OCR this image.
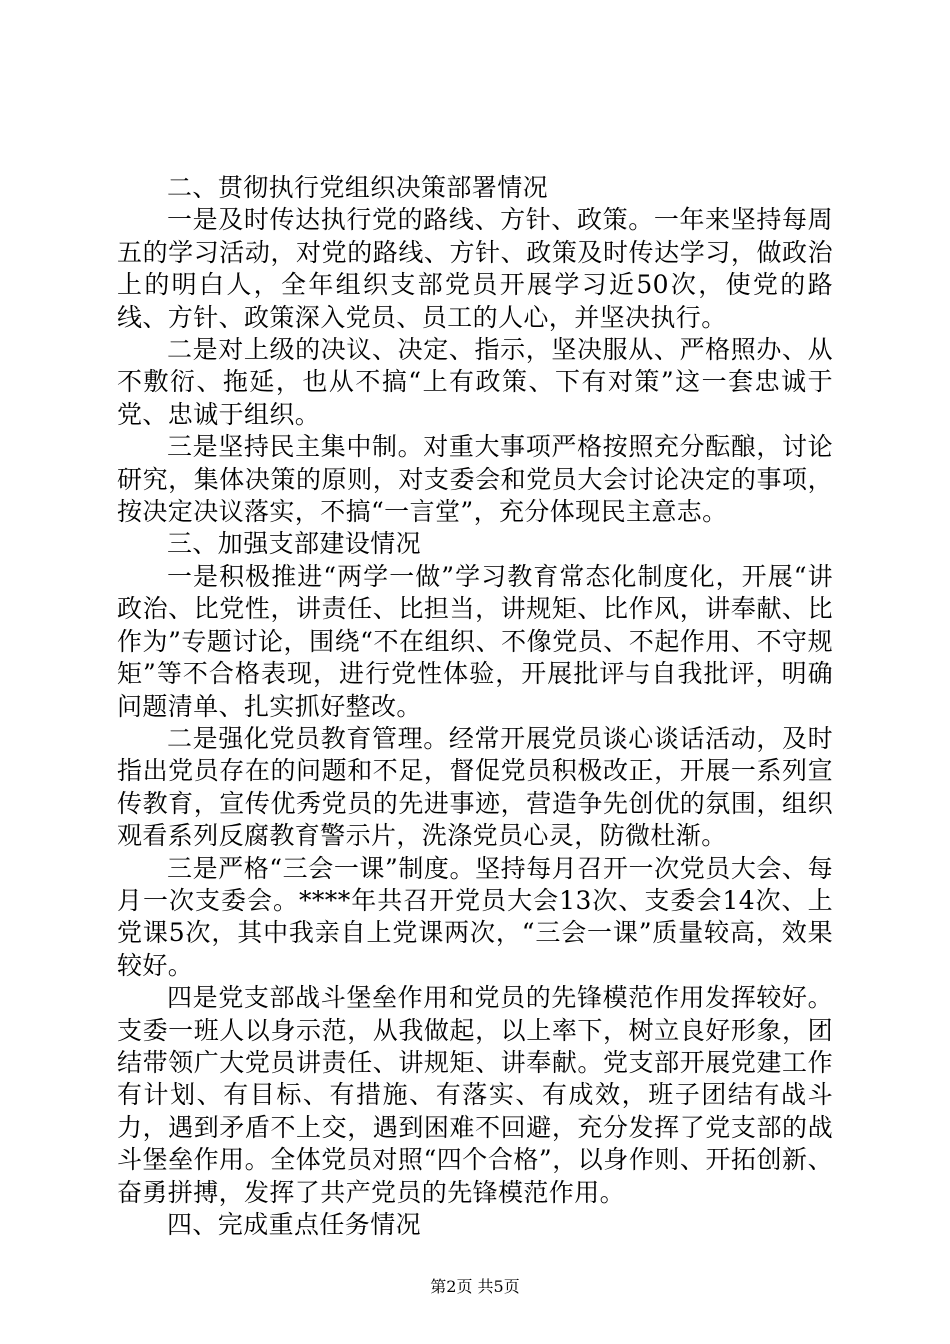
二、贯彻执行党组织决策部署情况

一是及时传达执行党的路线、方针、政策。一年来坚持每周五的学习活动，对党的路线、方针、政策及时传达学习，做政治上的明白人，全年组织支部党员开展学习近50次，使党的路线、方针、政策深入党员、员工的人心，并坚决执行。

二是对上级的决议、决定、指示，坚决服从、严格照办、从不敷衍、拖延，也从不搞“上有政策、下有对策”这一套忠诚于党、忠诚于组织。

三是坚持民主集中制。对重大事项严格按照充分酝酿，讨论研究，集体决策的原则，对支委会和党员大会讨论决定的事项，按决定决议落实，不搞“一言堂”，充分体现民主意志。

三、加强支部建设情况

一是积极推进“两学一做”学习教育常态化制度化，开展“讲政治、比党性，讲责任、比担当，讲规矩、比作风，讲奉献、比作为”专题讨论，围绕“不在组织、不像党员、不起作用、不守规矩”等不合格表现，进行党性体验，开展批评与自我批评，明确问题清单、扎实抓好整改。

二是强化党员教育管理。经常开展党员谈心谈话活动，及时指出党员存在的问题和不足，督促党员积极改正，开展一系列宣传教育，宣传优秀党员的先进事迹，营造争先创优的氛围，组织观看系列反腐教育警示片，洗涤党员心灵，防微杜渐。

三是严格“三会一课”制度。坚持每月召开一次党员大会、每月一次支委会。****年共召开党员大会13次、支委会14次、上党课5次，其中我亲自上党课两次，“三会一课”质量较高，效果较好。

四是党支部战斗堡垒作用和党员的先锋模范作用发挥较好。支委一班人以身示范，从我做起，以上率下，树立良好形象，团结带领广大党员讲责任、讲规矩、讲奉献。党支部开展党建工作有计划、有目标、有措施、有落实、有成效，班子团结有战斗力，遇到矛盾不上交，遇到困难不回避，充分发挥了党支部的战斗堡垒作用。全体党员对照“四个合格”，以身作则、开拓创新、奋勇拼搏，发挥了共产党员的先锋模范作用。

四、完成重点任务情况

第2页 共5页
